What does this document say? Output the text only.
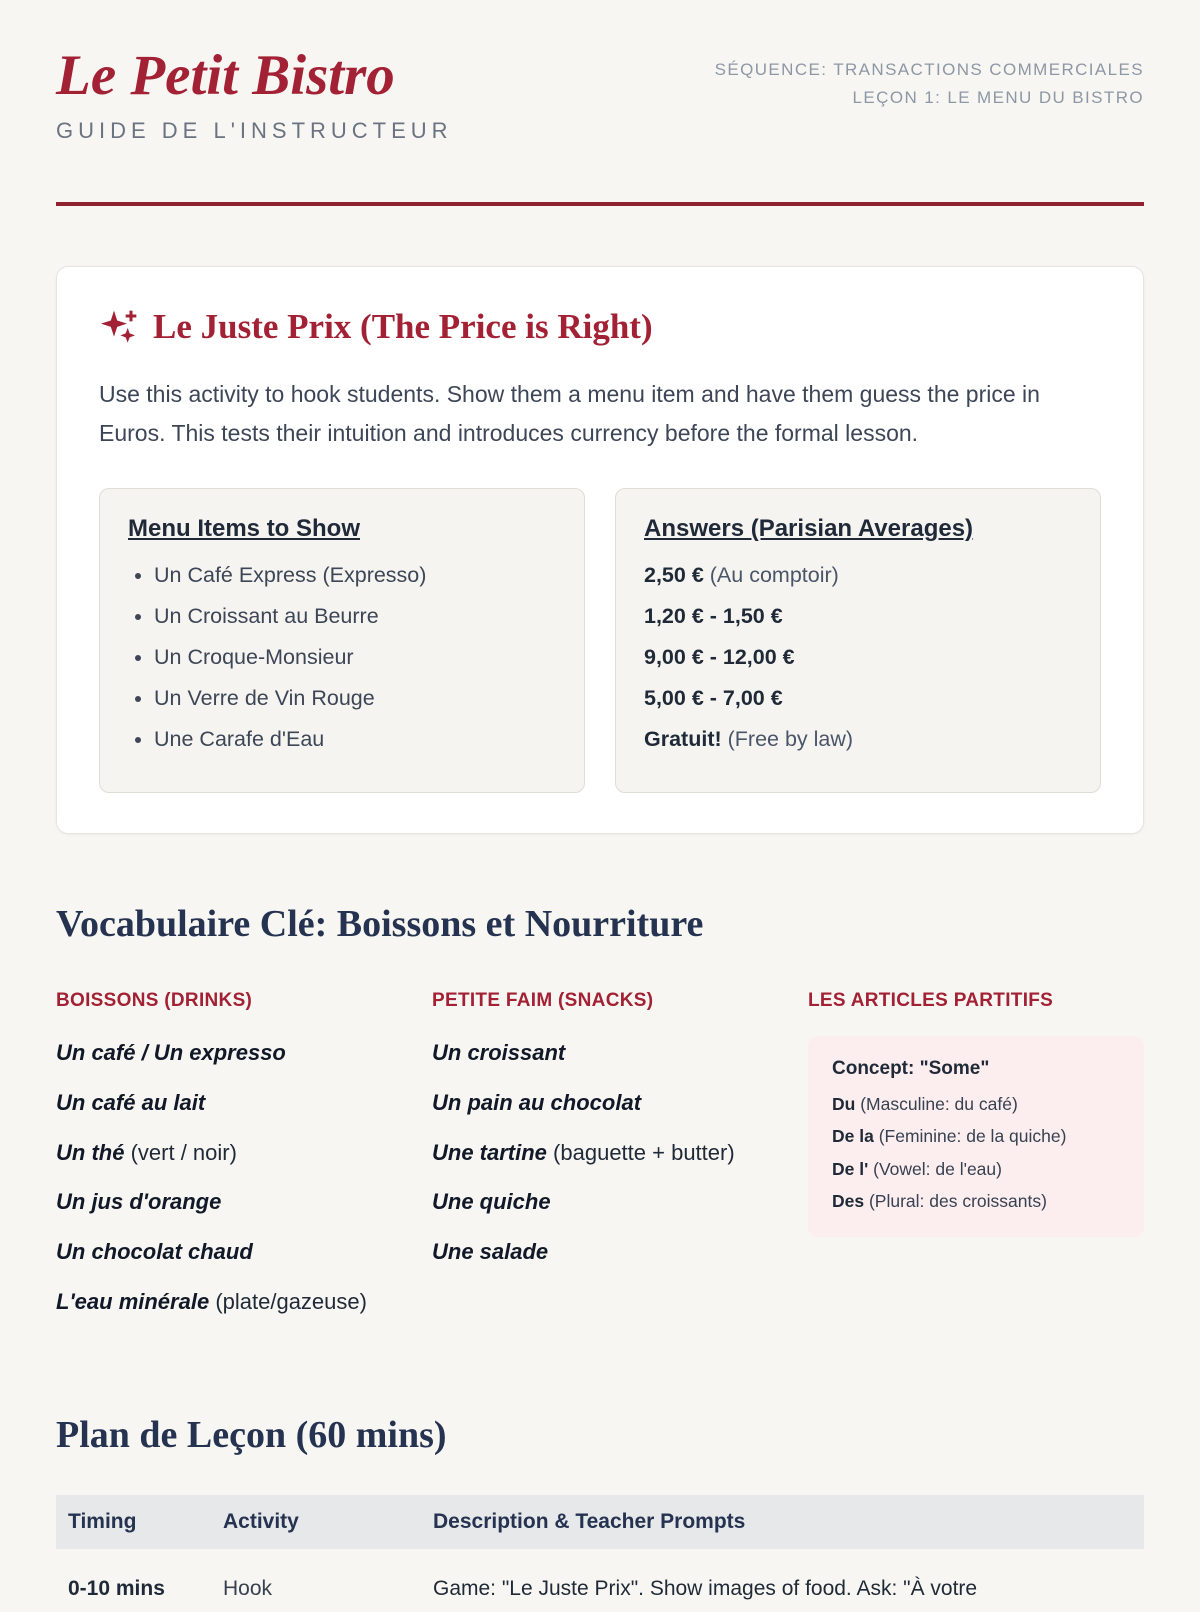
Le Petit Bistro
GUIDE DE L'INSTRUCTEUR
SÉQUENCE: TRANSACTIONS COMMERCIALES
LEÇON 1: LE MENU DU BISTRO
Le Juste Prix (The Price is Right)

Use this activity to hook students. Show them a menu item and have them guess the price in Euros. This tests their intuition and introduces currency before the formal lesson.

Menu Items to Show
• Un Café Express (Expresso)
• Un Croissant au Beurre
• Un Croque-Monsieur
• Un Verre de Vin Rouge
• Une Carafe d'Eau
Answers (Parisian Averages)
2,50 € (Au comptoir)
1,20 € - 1,50 €
9,00 € - 12,00 €
5,00 € - 7,00 €
Gratuit! (Free by law)
Vocabulaire Clé: Boissons et Nourriture
BOISSONS (DRINKS)
Un café / Un expresso
Un café au lait
Un thé (vert / noir)
Un jus d'orange
Un chocolat chaud
L'eau minérale (plate/gazeuse)
PETITE FAIM (SNACKS)
Un croissant
Un pain au chocolat
Une tartine (baguette + butter)
Une quiche
Une salade
LES ARTICLES PARTITIFS
Concept: "Some"
Du (Masculine: du café)
De la (Feminine: de la quiche)
De l' (Vowel: de l'eau)
Des (Plural: des croissants)
Plan de Leçon (60 mins)
Timing	Activity	Description & Teacher Prompts
0-10 mins	Hook	Game: "Le Juste Prix". Show images of food. Ask: "À votre
